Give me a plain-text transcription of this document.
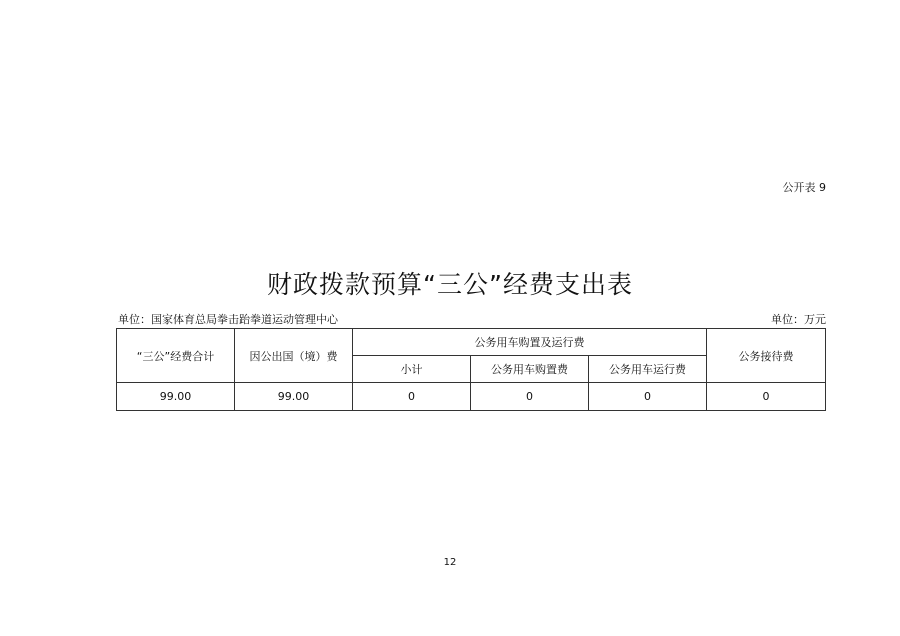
公开表 9
财政拨款预算“三公”经费支出表
单位：国家体育总局拳击跆拳道运动管理中心	单位：万元
“三公”经费合计	因公出国（境）费	公务用车购置及运行费			公务接待费
		小计	公务用车购置费	公务用车运行费	
99.00	99.00	0	0	0	0
12
